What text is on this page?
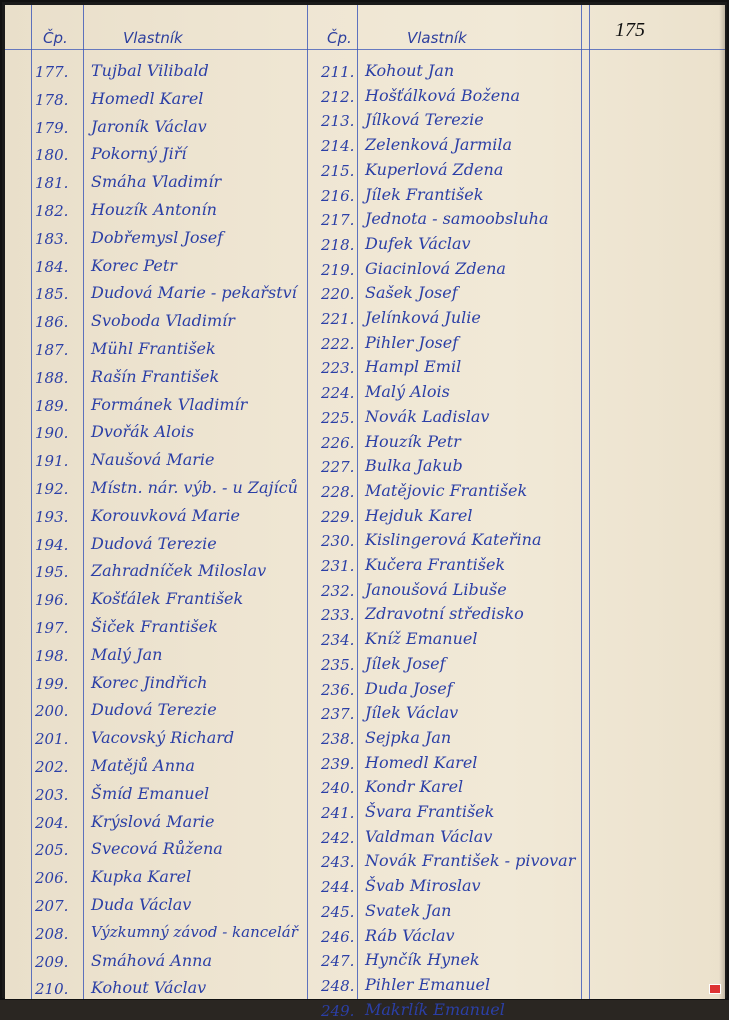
Čp.	Vlastník	Čp.	Vlastník	175
177. Tujbal Vilibald
178. Homedl Karel
179. Jaroník Václav
180. Pokorný Jiří
181. Smáha Vladimír
182. Houzík Antonín
183. Dobřemysl Josef
184. Korec Petr
185. Dudová Marie - pekařství
186. Svoboda Vladimír
187. Mühl František
188. Rašín František
189. Formánek Vladimír
190. Dvořák Alois
191. Naušová Marie
192. Místn. nár. výb. - u Zajíců
193. Korouvková Marie
194. Dudová Terezie
195. Zahradníček Miloslav
196. Košťálek František
197. Šiček František
198. Malý Jan
199. Korec Jindřich
200. Dudová Terezie
201. Vacovský Richard
202. Matějů Anna
203. Šmíd Emanuel
204. Krýslová Marie
205. Svecová Růžena
206. Kupka Karel
207. Duda Václav
208. Výzkumný závod - kancelář
209. Smáhová Anna
210. Kohout Václav
211. Kohout Jan
212. Hošťálková Božena
213. Jílková Terezie
214. Zelenková Jarmila
215. Kuperlová Zdena
216. Jílek František
217. Jednota - samoobsluha
218. Dufek Václav
219. Giacinlová Zdena
220. Sašek Josef
221. Jelínková Julie
222. Pihler Josef
223. Hampl Emil
224. Malý Alois
225. Novák Ladislav
226. Houzík Petr
227. Bulka Jakub
228. Matějovic František
229. Hejduk Karel
230. Kislingerová Kateřina
231. Kučera František
232. Janoušová Libuše
233. Zdravotní středisko
234. Kníž Emanuel
235. Jílek Josef
236. Duda Josef
237. Jílek Václav
238. Sejpka Jan
239. Homedl Karel
240. Kondr Karel
241. Švara František
242. Valdman Václav
243. Novák František - pivovar
244. Švab Miroslav
245. Svatek Jan
246. Ráb Václav
247. Hynčík Hynek
248. Pihler Emanuel
249. Makrlík Emanuel
